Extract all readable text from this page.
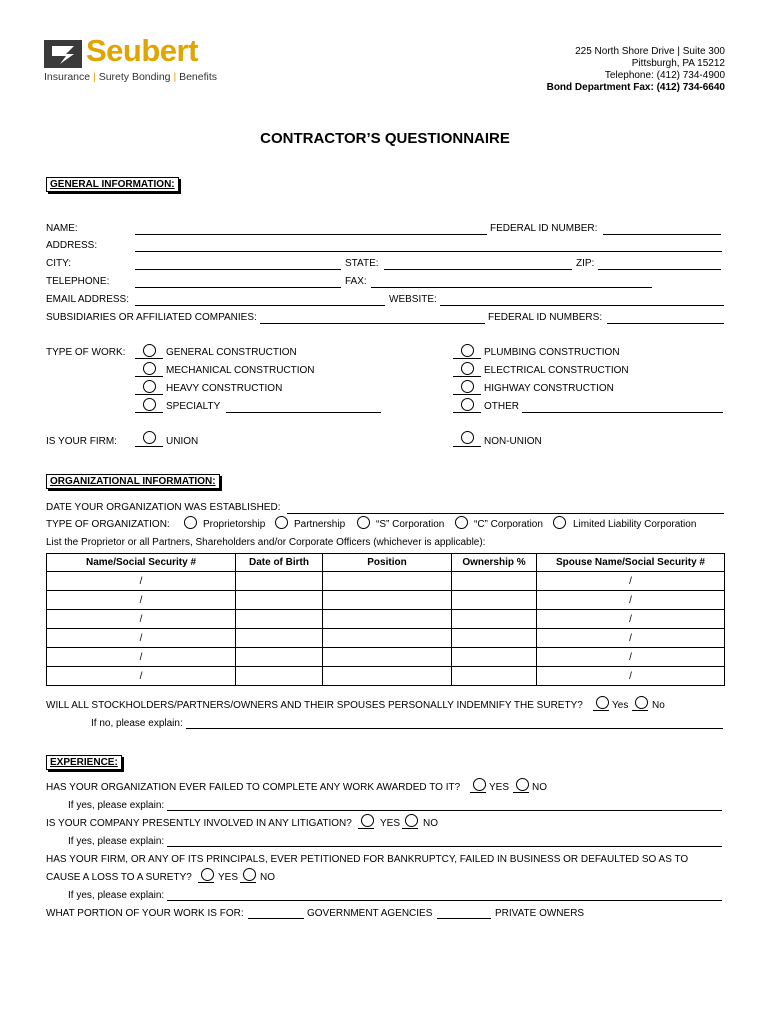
Seubert
Insurance | Surety Bonding | Benefits
225 North Shore Drive | Suite 300
Pittsburgh, PA 15212
Telephone: (412) 734-4900
Bond Department Fax: (412) 734-6640
CONTRACTOR’S QUESTIONNAIRE
GENERAL INFORMATION:
NAME:	FEDERAL ID NUMBER:
ADDRESS:
CITY:	STATE:	ZIP:
TELEPHONE:	FAX:
EMAIL ADDRESS:	WEBSITE:
SUBSIDIARIES OR AFFILIATED COMPANIES:	FEDERAL ID NUMBERS:
TYPE OF WORK:	GENERAL CONSTRUCTION
MECHANICAL CONSTRUCTION
HEAVY CONSTRUCTION
SPECIALTY
PLUMBING CONSTRUCTION
ELECTRICAL CONSTRUCTION
HIGHWAY CONSTRUCTION
OTHER
IS YOUR FIRM:	UNION	NON-UNION
ORGANIZATIONAL INFORMATION:
DATE YOUR ORGANIZATION WAS ESTABLISHED:
TYPE OF ORGANIZATION:	Proprietorship	Partnership	“S” Corporation	“C” Corporation	Limited Liability Corporation
List the Proprietor or all Partners, Shareholders and/or Corporate Officers (whichever is applicable):
Name/Social Security #	Date of Birth	Position	Ownership %	Spouse Name/Social Security #
/				/
/				/
/				/
/				/
/				/
/				/
WILL ALL STOCKHOLDERS/PARTNERS/OWNERS AND THEIR SPOUSES PERSONALLY INDEMNIFY THE SURETY?	Yes No
If no, please explain:
EXPERIENCE:
HAS YOUR ORGANIZATION EVER FAILED TO COMPLETE ANY WORK AWARDED TO IT?	YES NO
If yes, please explain:
IS YOUR COMPANY PRESENTLY INVOLVED IN ANY LITIGATION?	YES NO
If yes, please explain:
HAS YOUR FIRM, OR ANY OF ITS PRINCIPALS, EVER PETITIONED FOR BANKRUPTCY, FAILED IN BUSINESS OR DEFAULTED SO AS TO
CAUSE A LOSS TO A SURETY?	YES NO
If yes, please explain:
WHAT PORTION OF YOUR WORK IS FOR:	GOVERNMENT AGENCIES	PRIVATE OWNERS
